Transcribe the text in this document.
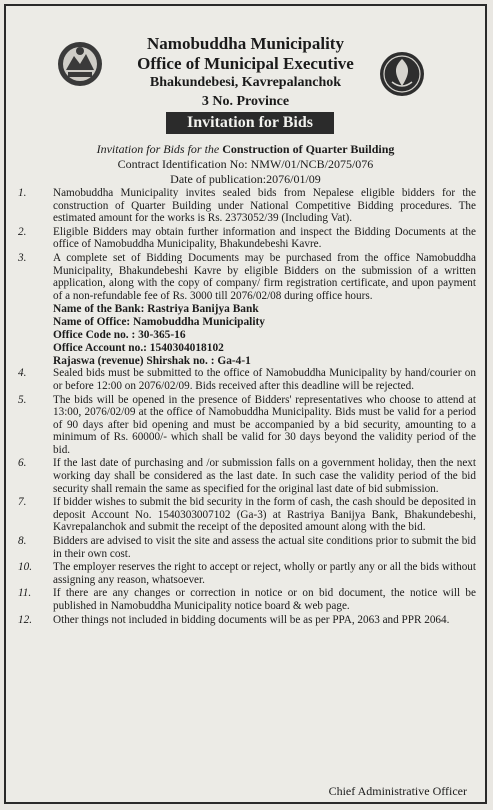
Namobuddha Municipality
Office of Municipal Executive
Bhakundebesi, Kavrepalanchok
3 No. Province
Invitation for Bids
Invitation for Bids for the Construction of Quarter Building
Contract Identification No: NMW/01/NCB/2075/076
Date of publication:2076/01/09
1. Namobuddha Municipality invites sealed bids from Nepalese eligible bidders for the construction of Quarter Building under National Competitive Bidding procedures. The estimated amount for the works is Rs. 2373052/39 (Including Vat).
2. Eligible Bidders may obtain further information and inspect the Bidding Documents at the office of Namobuddha Municipality, Bhakundebeshi Kavre.
3. A complete set of Bidding Documents may be purchased from the office Namobuddha Municipality, Bhakundebeshi Kavre by eligible Bidders on the submission of a written application, along with the copy of company/ firm registration certificate, and upon payment of a non-refundable fee of Rs. 3000 till 2076/02/08 during office hours.
Name of the Bank: Rastriya Banijya Bank
Name of Office: Namobuddha Municipality
Office Code no. : 30-365-16
Office Account no.: 1540304018102
Rajaswa (revenue) Shirshak no. : Ga-4-1
4. Sealed bids must be submitted to the office of Namobuddha Municipality by hand/courier on or before 12:00 on 2076/02/09. Bids received after this deadline will be rejected.
5. The bids will be opened in the presence of Bidders' representatives who choose to attend at 13:00, 2076/02/09 at the office of Namobuddha Municipality. Bids must be valid for a period of 90 days after bid opening and must be accompanied by a bid security, amounting to a minimum of Rs. 60000/- which shall be valid for 30 days beyond the validity period of the bid.
6. If the last date of purchasing and /or submission falls on a government holiday, then the next working day shall be considered as the last date. In such case the validity period of the bid security shall remain the same as specified for the original last date of bid submission.
7. If bidder wishes to submit the bid security in the form of cash, the cash should be deposited in deposit Account No. 1540303007102 (Ga-3) at Rastriya Banijya Bank, Bhakundebeshi, Kavrepalanchok and submit the receipt of the deposited amount along with the bid.
8. Bidders are advised to visit the site and assess the actual site conditions prior to submit the bid in their own cost.
10. The employer reserves the right to accept or reject, wholly or partly any or all the bids without assigning any reason, whatsoever.
11. If there are any changes or correction in notice or on bid document, the notice will be published in Namobuddha Municipality notice board & web page.
12. Other things not included in bidding documents will be as per PPA, 2063 and PPR 2064.
Chief Administrative Officer
